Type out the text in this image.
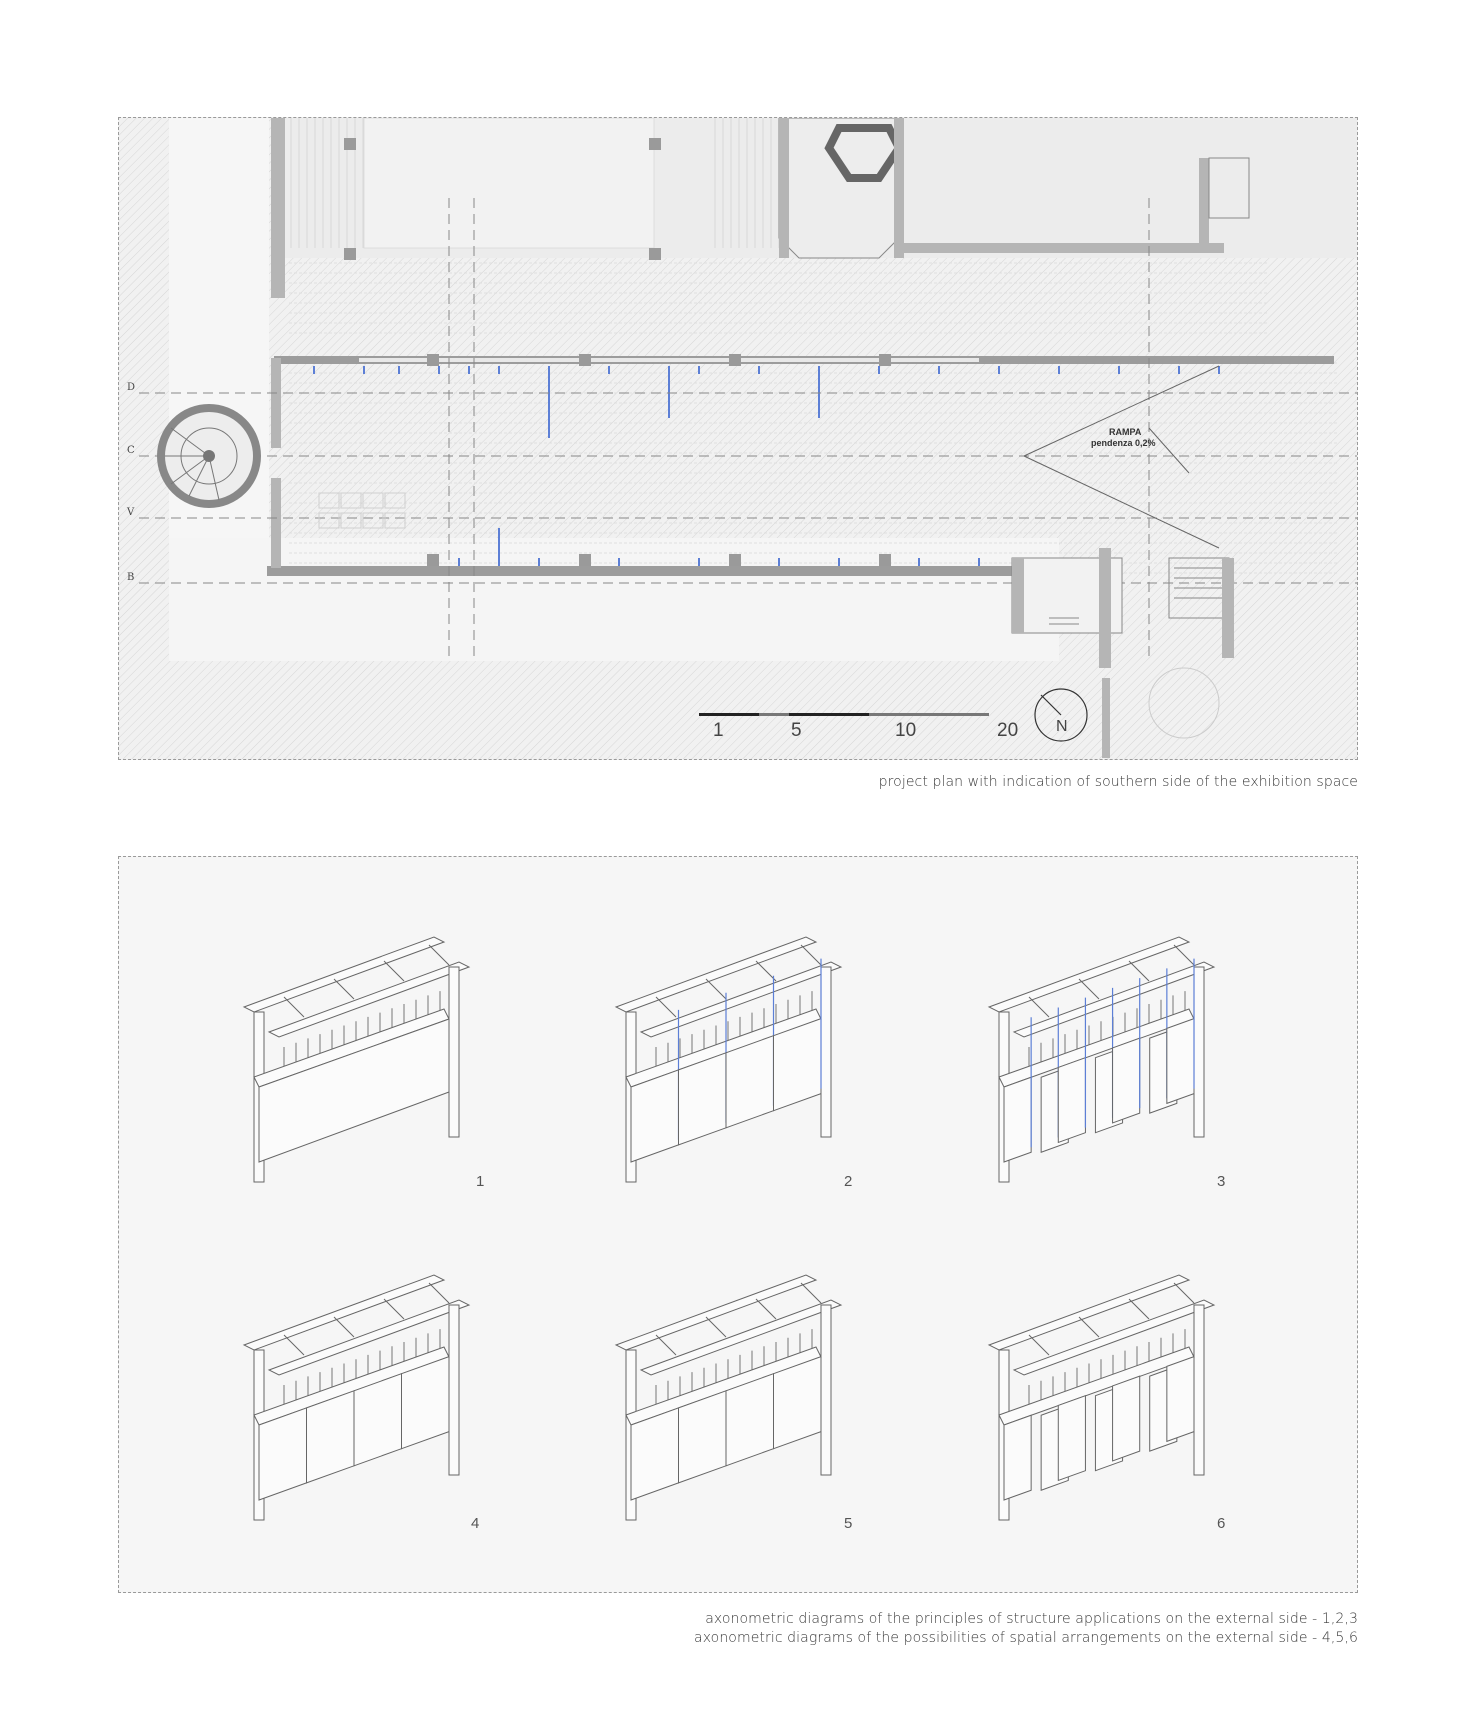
D
C
V
B
RAMPA
pendenza 0,2%
1	5	10	20 N
project plan with indication of southern side of the exhibition space
1	2	3
4	5	6
axonometric diagrams of the principles of structure applications on the external side - 1,2,3
axonometric diagrams of the possibilities of spatial arrangements on the external side - 4,5,6
